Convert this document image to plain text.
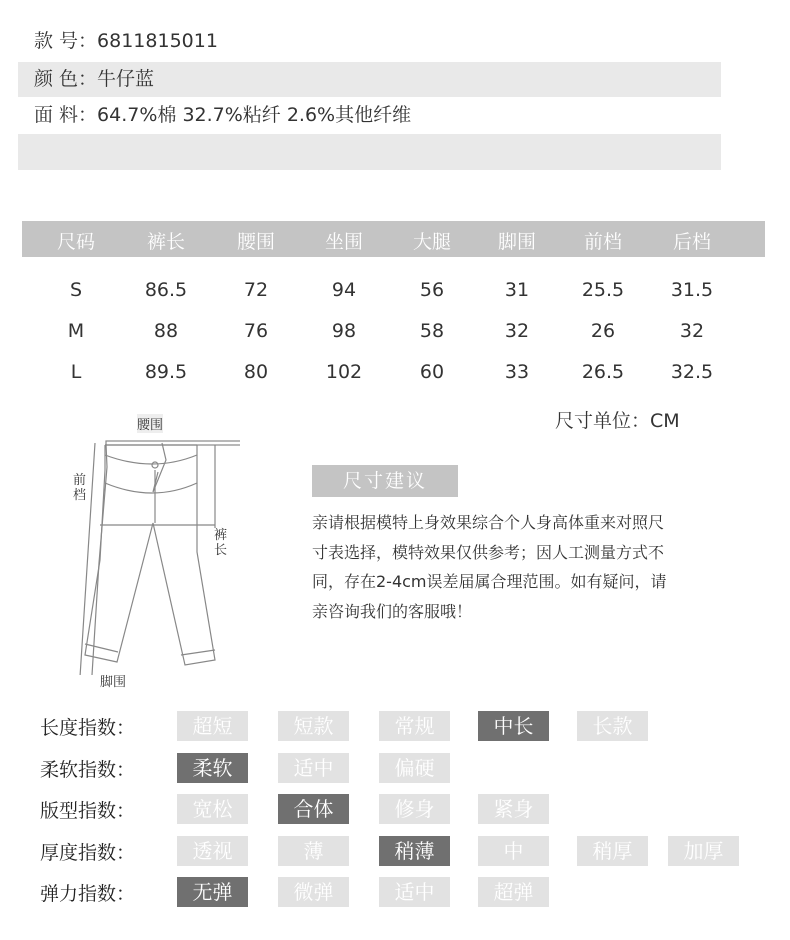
款 号：6811815011
颜 色：牛仔蓝
面 料：64.7%棉 32.7%粘纤 2.6%其他纤维
尺码	裤长	腰围	坐围	大腿	脚围	前档	后档
S	86.5	72	94	56	31	25.5	31.5
M	88	76	98	58	32	26	32
L	89.5	80	102	60	33	26.5	32.5
尺寸单位：CM
腰围
前档
裤长
脚围
尺寸建议
亲请根据模特上身效果综合个人身高体重来对照尺
寸表选择，模特效果仅供参考；因人工测量方式不
同，存在2-4cm误差届属合理范围。如有疑问，请
亲咨询我们的客服哦！
长度指数：	超短	短款	常规	中长	长款
柔软指数：	柔软	适中	偏硬
版型指数：	宽松	合体	修身	紧身
厚度指数：	透视	薄	稍薄	中	稍厚	加厚
弹力指数：	无弹	微弹	适中	超弹
